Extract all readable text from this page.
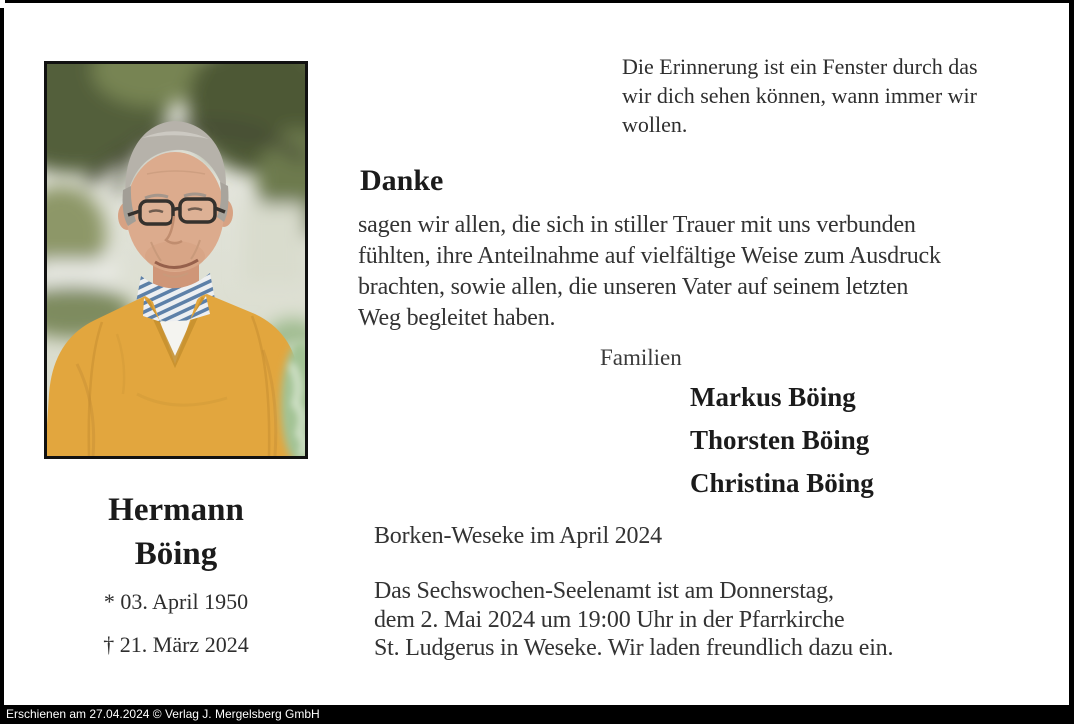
Die Erinnerung ist ein Fenster durch das
wir dich sehen können, wann immer wir
wollen.
Danke
sagen wir allen, die sich in stiller Trauer mit uns verbunden
fühlten, ihre Anteilnahme auf vielfältige Weise zum Ausdruck
brachten, sowie allen, die unseren Vater auf seinem letzten
Weg begleitet haben.
Familien
Markus Böing
Thorsten Böing
Christina Böing
Borken-Weseke im April 2024
Das Sechswochen-Seelenamt ist am Donnerstag,
dem 2. Mai 2024 um 19:00 Uhr in der Pfarrkirche
St. Ludgerus in Weseke. Wir laden freundlich dazu ein.
Hermann
Böing
* 03. April 1950
† 21. März 2024
Erschienen am 27.04.2024 © Verlag J. Mergelsberg GmbH
